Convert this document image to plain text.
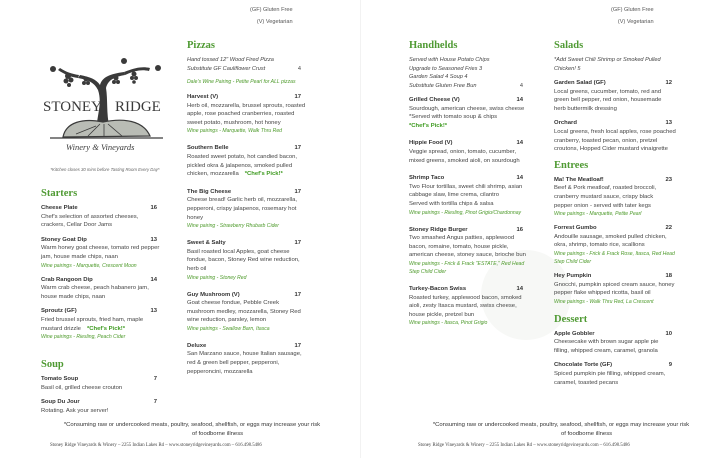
(GF) Gluten Free
(V) Vegetarian
STONEY RIDGE
Winery & Vineyards
*Kitchen closes 30 mins before Tasting Room Every Day*
Starters
Cheese Plate	16
Chef's selection of assorted cheeses,
crackers, Cellar Door Jams
Stoney Goat Dip	13
Warm honey goat cheese, tomato red pepper
jam, house made chips, naan
Wine pairings - Marquette, Crescent Moon
Crab Rangoon Dip	14
Warm crab cheese, peach habanero jam,
house made chips, naan
Sproutz (GF)	13
Fried brussel sprouts, fried ham, maple
mustard drizzle *Chef's Pick!*
Wine pairings - Riesling, Peach Cider
Soup
Tomato Soup	7
Basil oil, grilled cheese crouton
Soup Du Jour	7
Rotating. Ask your server!
Pizzas
Hand tossed 12" Wood Fired Pizza
Substitute GF Cauliflower Crust	4
Dale's Wine Pairing - Petite Pearl for ALL pizzas
Harvest (V)	17
Herb oil, mozzarella, brussel sprouts, roasted
apple, rose poached cranberries, roasted
sweet potato, mushroom, hot honey
Wine pairings - Marquette, Walk Thru Red
Southern Belle	17
Roasted sweet potato, hot candied bacon,
pickled okra & jalapenos, smoked pulled
chicken, mozzarella *Chef's Pick!*
The Big Cheese	17
Cheese bread! Garlic herb oil, mozzarella,
pepperoni, crispy jalapenos, rosemary hot
honey
Wine pairing - Strawberry Rhubarb Cider
Sweet & Salty	17
Basil roasted local Apples, goat cheese
fondue, bacon, Stoney Red wine reduction,
herb oil
Wine pairing - Stoney Red
Guy Mushroom (V)	17
Goat cheese fondue, Pebble Creek
mushroom medley, mozzarella, Stoney Red
wine reduction, parsley, lemon
Wine pairings - Swallow Barn, Itasca
Deluxe	17
San Marzano sauce, house Italian sausage,
red & green bell pepper, pepperoni,
pepperoncini, mozzarella
*Consuming raw or undercooked meats, poultry, seafood, shellfish, or eggs may increase your risk
of foodborne illness
Stoney Ridge Vineyards & Winery – 2255 Indian Lakes Rd – www.stoneyridgevineyards.com – 616.498.5486
(GF) Gluten Free
(V) Vegetarian
Handhelds
Served with House Potato Chips
Upgrade to Seasoned Fries 3
Garden Salad 4 Soup 4
Substitute Gluten Free Bun	4
Grilled Cheese (V)	14
Sourdough, american cheese, swiss cheese
*Served with tomato soup & chips
*Chef's Pick!*
Hippie Food (V)	14
Veggie spread, onion, tomato, cucumber,
mixed greens, smoked aioli, on sourdough
Shrimp Taco	14
Two Flour tortillas, sweet chili shrimp, asian
cabbage slaw, lime crema, cilantro
Served with tortilla chips & salsa
Wine pairings - Riesling, Pinot Grigio/Chardonnay
Stoney Ridge Burger	16
Two smashed Angus patties, applewood
bacon, romaine, tomato, house pickle,
american cheese, stoney sauce, brioche bun
Wine pairings - Frick & Frack "ESTATE," Red Head
Step Child Cider
Turkey-Bacon Swiss	14
Roasted turkey, applewood bacon, smoked
aioli, zesty Itasca mustard, swiss cheese,
house pickle, pretzel bun
Wine pairings - Itasca, Pinot Grigio
Salads
*Add Sweet Chili Shrimp or Smoked Pulled
Chicken! 5
Garden Salad (GF)	12
Local greens, cucumber, tomato, red and
green bell pepper, red onion, housemade
herb buttermilk dressing
Orchard	13
Local greens, fresh local apples, rose poached
cranberry, toasted pecan, onion, pretzel
croutons, Hopped Cider mustard vinaigrette
Entrees
Ma! The Meatloaf!	23
Beef & Pork meatloaf, roasted broccoli,
cranberry mustard sauce, crispy black
pepper onion - served with tater kegs
Wine pairings - Marquette, Petite Pearl
Forrest Gumbo	22
Andouille sausage, smoked pulled chicken,
okra, shrimp, tomato rice, scallions
Wine pairings - Frick & Frack Rose, Itasca, Red Head
Step Child Cider
Hey Pumpkin	18
Gnocchi, pumpkin spiced cream sauce, honey
pepper flake whipped ricotta, basil oil
Wine pairings - Walk Thru Red, La Crescent
Dessert
Apple Gobbler	10
Cheesecake with brown sugar apple pie
filling, whipped cream, caramel, granola
Chocolate Torte (GF)	9
Spiced pumpkin pie filling, whipped cream,
caramel, toasted pecans
*Consuming raw or undercooked meats, poultry, seafood, shellfish, or eggs may increase your risk
of foodborne illness
Stoney Ridge Vineyards & Winery – 2255 Indian Lakes Rd – www.stoneyridgevineyards.com – 616.498.5486
